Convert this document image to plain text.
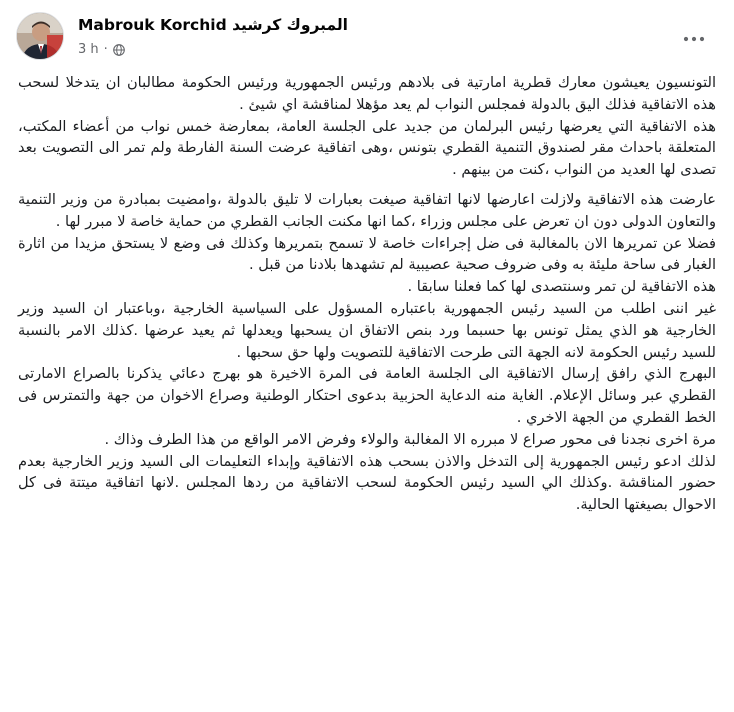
Mabrouk Korchid المبروك كرشيد
3 h ·

التونسيون يعيشون معارك قطرية امارتية فى بلادهم ورئيس الجمهورية ورئيس الحكومة مطالبان ان يتدخلا لسحب هذه الاتفاقية فذلك اليق بالدولة فمجلس النواب لم يعد مؤهلا لمناقشة اي شيئ .

هذه الاتفاقية التي يعرضها رئيس البرلمان من جديد على الجلسة العامة، بمعارضة خمس نواب من أعضاء المكتب، المتعلقة باحداث مقر لصندوق التنمية القطري بتونس ،وهى اتفاقية عرضت السنة الفارطة ولم تمر الى التصويت بعد تصدى لها العديد من النواب ،كنت من بينهم .

عارضت هذه الاتفاقية ولازلت اعارضها لانها اتفاقية صيغت بعبارات لا تليق بالدولة ،وامضيت بمبادرة من وزير التنمية والتعاون الدولى دون ان تعرض على مجلس وزراء ،كما انها مكنت الجانب القطري من حماية خاصة لا مبرر لها .

فضلا عن تمريرها الان بالمغالبة فى ضل إجراءات خاصة لا تسمح بتمريرها وكذلك فى وضع لا يستحق مزيدا من اثارة الغبار فى ساحة مليئة به وفى ضروف صحية عصيبية لم تشهدها بلادنا من قبل .

هذه الاتفاقية لن تمر وسنتصدى لها كما فعلنا سابقا .

غير اننى اطلب من السيد رئيس الجمهورية باعتباره المسؤول على السياسية الخارجية ،وباعتبار ان السيد وزير الخارجية هو الذي يمثل تونس بها حسبما ورد بنص الاتفاق ان يسحبها ويعدلها ثم يعيد عرضها .كذلك الامر بالنسبة للسيد رئيس الحكومة لانه الجهة التى طرحت الاتفاقية للتصويت ولها حق سحبها .

البهرج الذي رافق إرسال الاتفاقية الى الجلسة العامة فى المرة الاخيرة هو بهرج دعائي يذكرنا بالصراع الامارتى القطري عبر وسائل الإعلام. الغاية منه الدعاية الحزبية بدعوى احتكار الوطنية وصراع الاخوان من جهة والتمترس فى الخط القطري من الجهة الاخري .

مرة اخرى نجدنا فى محور صراع لا مبرره الا المغالبة والولاء وفرض الامر الواقع من هذا الطرف وذاك .

لذلك ادعو رئيس الجمهورية إلى التدخل والاذن بسحب هذه الاتفاقية وإبداء التعليمات الى السيد وزير الخارجية بعدم حضور المناقشة .وكذلك الي السيد رئيس الحكومة لسحب الاتفاقية من ردها المجلس .لانها اتفاقية ميتتة فى كل الاحوال بصيغتها الحالية.
